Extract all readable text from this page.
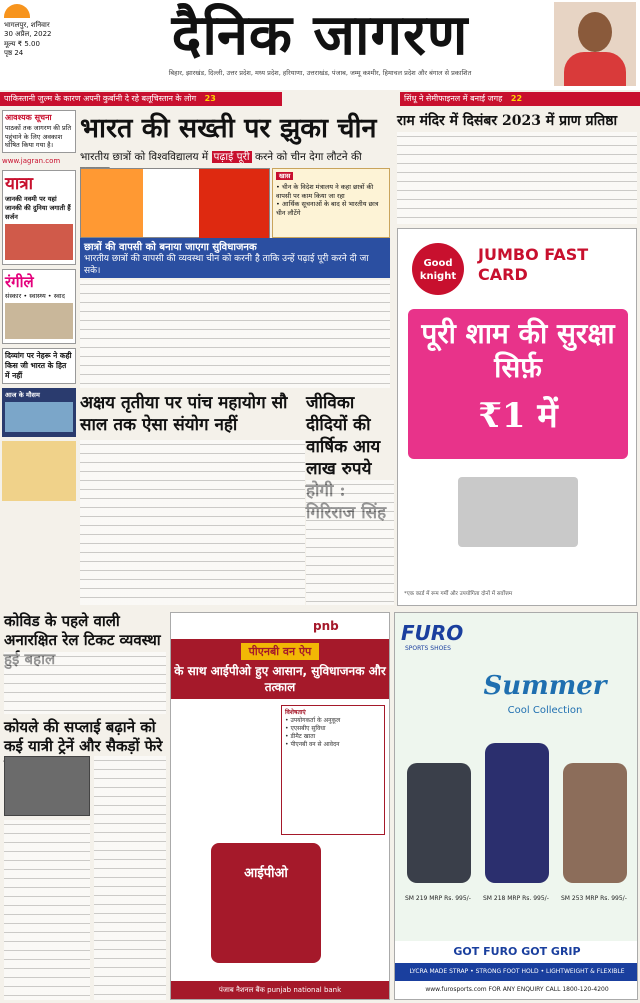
भागलपुर, शनिवार
30 अप्रैल, 2022
मूल्य ₹ 5.00
पृष्ठ 24	दैनिक जागरण
बिहार, झारखंड, दिल्ली, उत्तर प्रदेश, मध्य प्रदेश, हरियाणा, उत्तराखंड, पंजाब, जम्मू कश्मीर, हिमाचल प्रदेश और बंगाल से प्रकाशित
पाकिस्तानी जुल्म के कारण अपनी कुर्बानी दे रहे बलूचिस्तान के लोग 23	सिंधू ने सेमीफाइनल में बनाई जगह 22
आवश्यक सूचना
पाठकों तक जागरण की प्रति पहुंचाने के लिए अवकाश घोषित किया गया है।
www.jagran.com
यात्रा
जानकी नवमी पर यहां जानकी की दुनिया जगाती हैं सर्जन
रंगीले
संस्कार • स्वास्थ्य • स्वाद
दिव्यांग पर नेहरू ने कही किस जी भारत के हित में नहीं
आज के मौसम
भारत की सख्ती पर झुका चीन
भारतीय छात्रों को विश्वविद्यालय में पढ़ाई पूरी करने को चीन देगा लौटने की
खास
• चीन के विदेश मंत्रालय ने कहा छात्रों की वापसी पर काम किया जा रहा
• आर्थिक सूचनाओं के बाद से भारतीय छात्र चीन लौटेंगे
छात्रों की वापसी को बनाया जाएगा सुविधाजनक
भारतीय छात्रों की वापसी की व्यवस्था चीन को करनी है ताकि उन्हें पढ़ाई पूरी करने दी जा सके।
राम मंदिर में दिसंबर 2023 में प्राण प्रतिष्ठा
अक्षय तृतीया पर पांच महायोग सौ साल तक ऐसा संयोग नहीं
जीविका दीदियों की वार्षिक आय लाख रुपये
Good knight
JUMBO FAST CARD
पूरी शाम की सुरक्षा सिर्फ़
₹1 में
*एक कार्ड में रूम गर्मी और उपयोगिता दोनों में सर्वोत्तम
कोविड के पहले वाली अनारक्षित रेल टिकट व्यवस्था
कोयले की सप्लाई बढ़ाने को कई यात्री ट्रेनें और सैकड़ों फेरे
pnb
पीएनबी वन ऐप
के साथ आईपीओ हुए आसान, सुविधाजनक और तत्काल
विशेषताएं
• उपयोगकर्ता के अनुकूल
• एएसबीए सुविधा
• डीमैट खाता
• पीएनबी वन से आवेदन
आईपीओ
पंजाब नैशनल बैंक punjab national bank
FURO
SPORTS SHOES
Summer
Cool Collection
SM 219 MRP Rs. 995/-	SM 218 MRP Rs. 995/-	SM 253 MRP Rs. 995/-
GOT FURO GOT GRIP
LYCRA MADE STRAP • STRONG FOOT HOLD • LIGHTWEIGHT & FLEXIBLE
www.furosports.com FOR ANY ENQUIRY CALL 1800-120-4200
